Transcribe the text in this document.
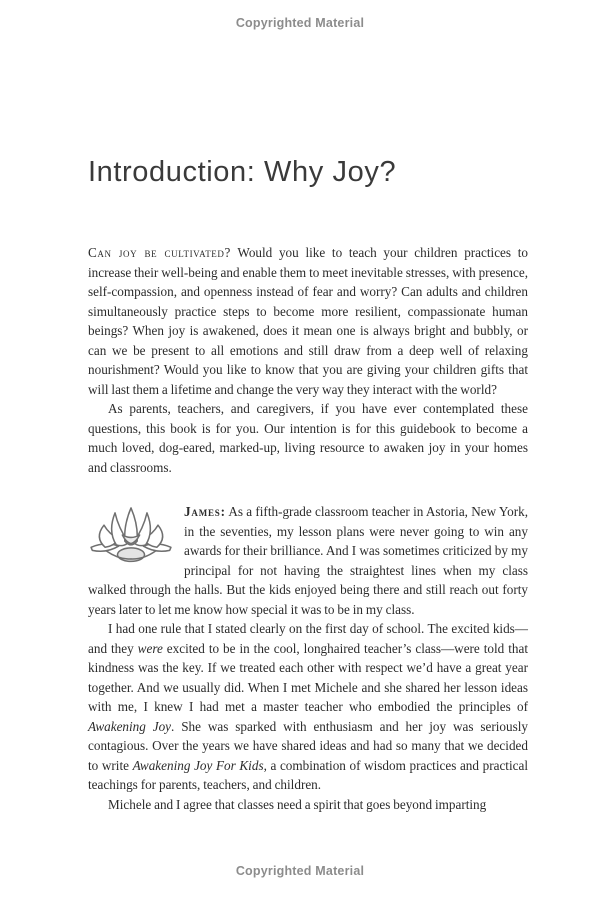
Copyrighted Material
Introduction: Why Joy?

Can joy be cultivated? Would you like to teach your children practices to increase their well-being and enable them to meet inevitable stresses, with presence, self-compassion, and openness instead of fear and worry? Can adults and children simultaneously practice steps to become more resilient, compassionate human beings? When joy is awakened, does it mean one is always bright and bubbly, or can we be present to all emotions and still draw from a deep well of relaxing nourishment? Would you like to know that you are giving your children gifts that will last them a lifetime and change the very way they interact with the world?

As parents, teachers, and caregivers, if you have ever contemplated these questions, this book is for you. Our intention is for this guidebook to become a much loved, dog-eared, marked-up, living resource to awaken joy in your homes and classrooms.

James: As a fifth-grade classroom teacher in Astoria, New York, in the seventies, my lesson plans were never going to win any awards for their brilliance. And I was sometimes criticized by my principal for not having the straightest lines when my class walked through the halls. But the kids enjoyed being there and still reach out forty years later to let me know how special it was to be in my class.

I had one rule that I stated clearly on the first day of school. The excited kids—and they were excited to be in the cool, longhaired teacher’s class—were told that kindness was the key. If we treated each other with respect we’d have a great year together. And we usually did. When I met Michele and she shared her lesson ideas with me, I knew I had met a master teacher who embodied the principles of Awakening Joy. She was sparked with enthusiasm and her joy was seriously contagious. Over the years we have shared ideas and had so many that we decided to write Awakening Joy For Kids, a combination of wisdom practices and practical teachings for parents, teachers, and children.

Michele and I agree that classes need a spirit that goes beyond imparting

Copyrighted Material
